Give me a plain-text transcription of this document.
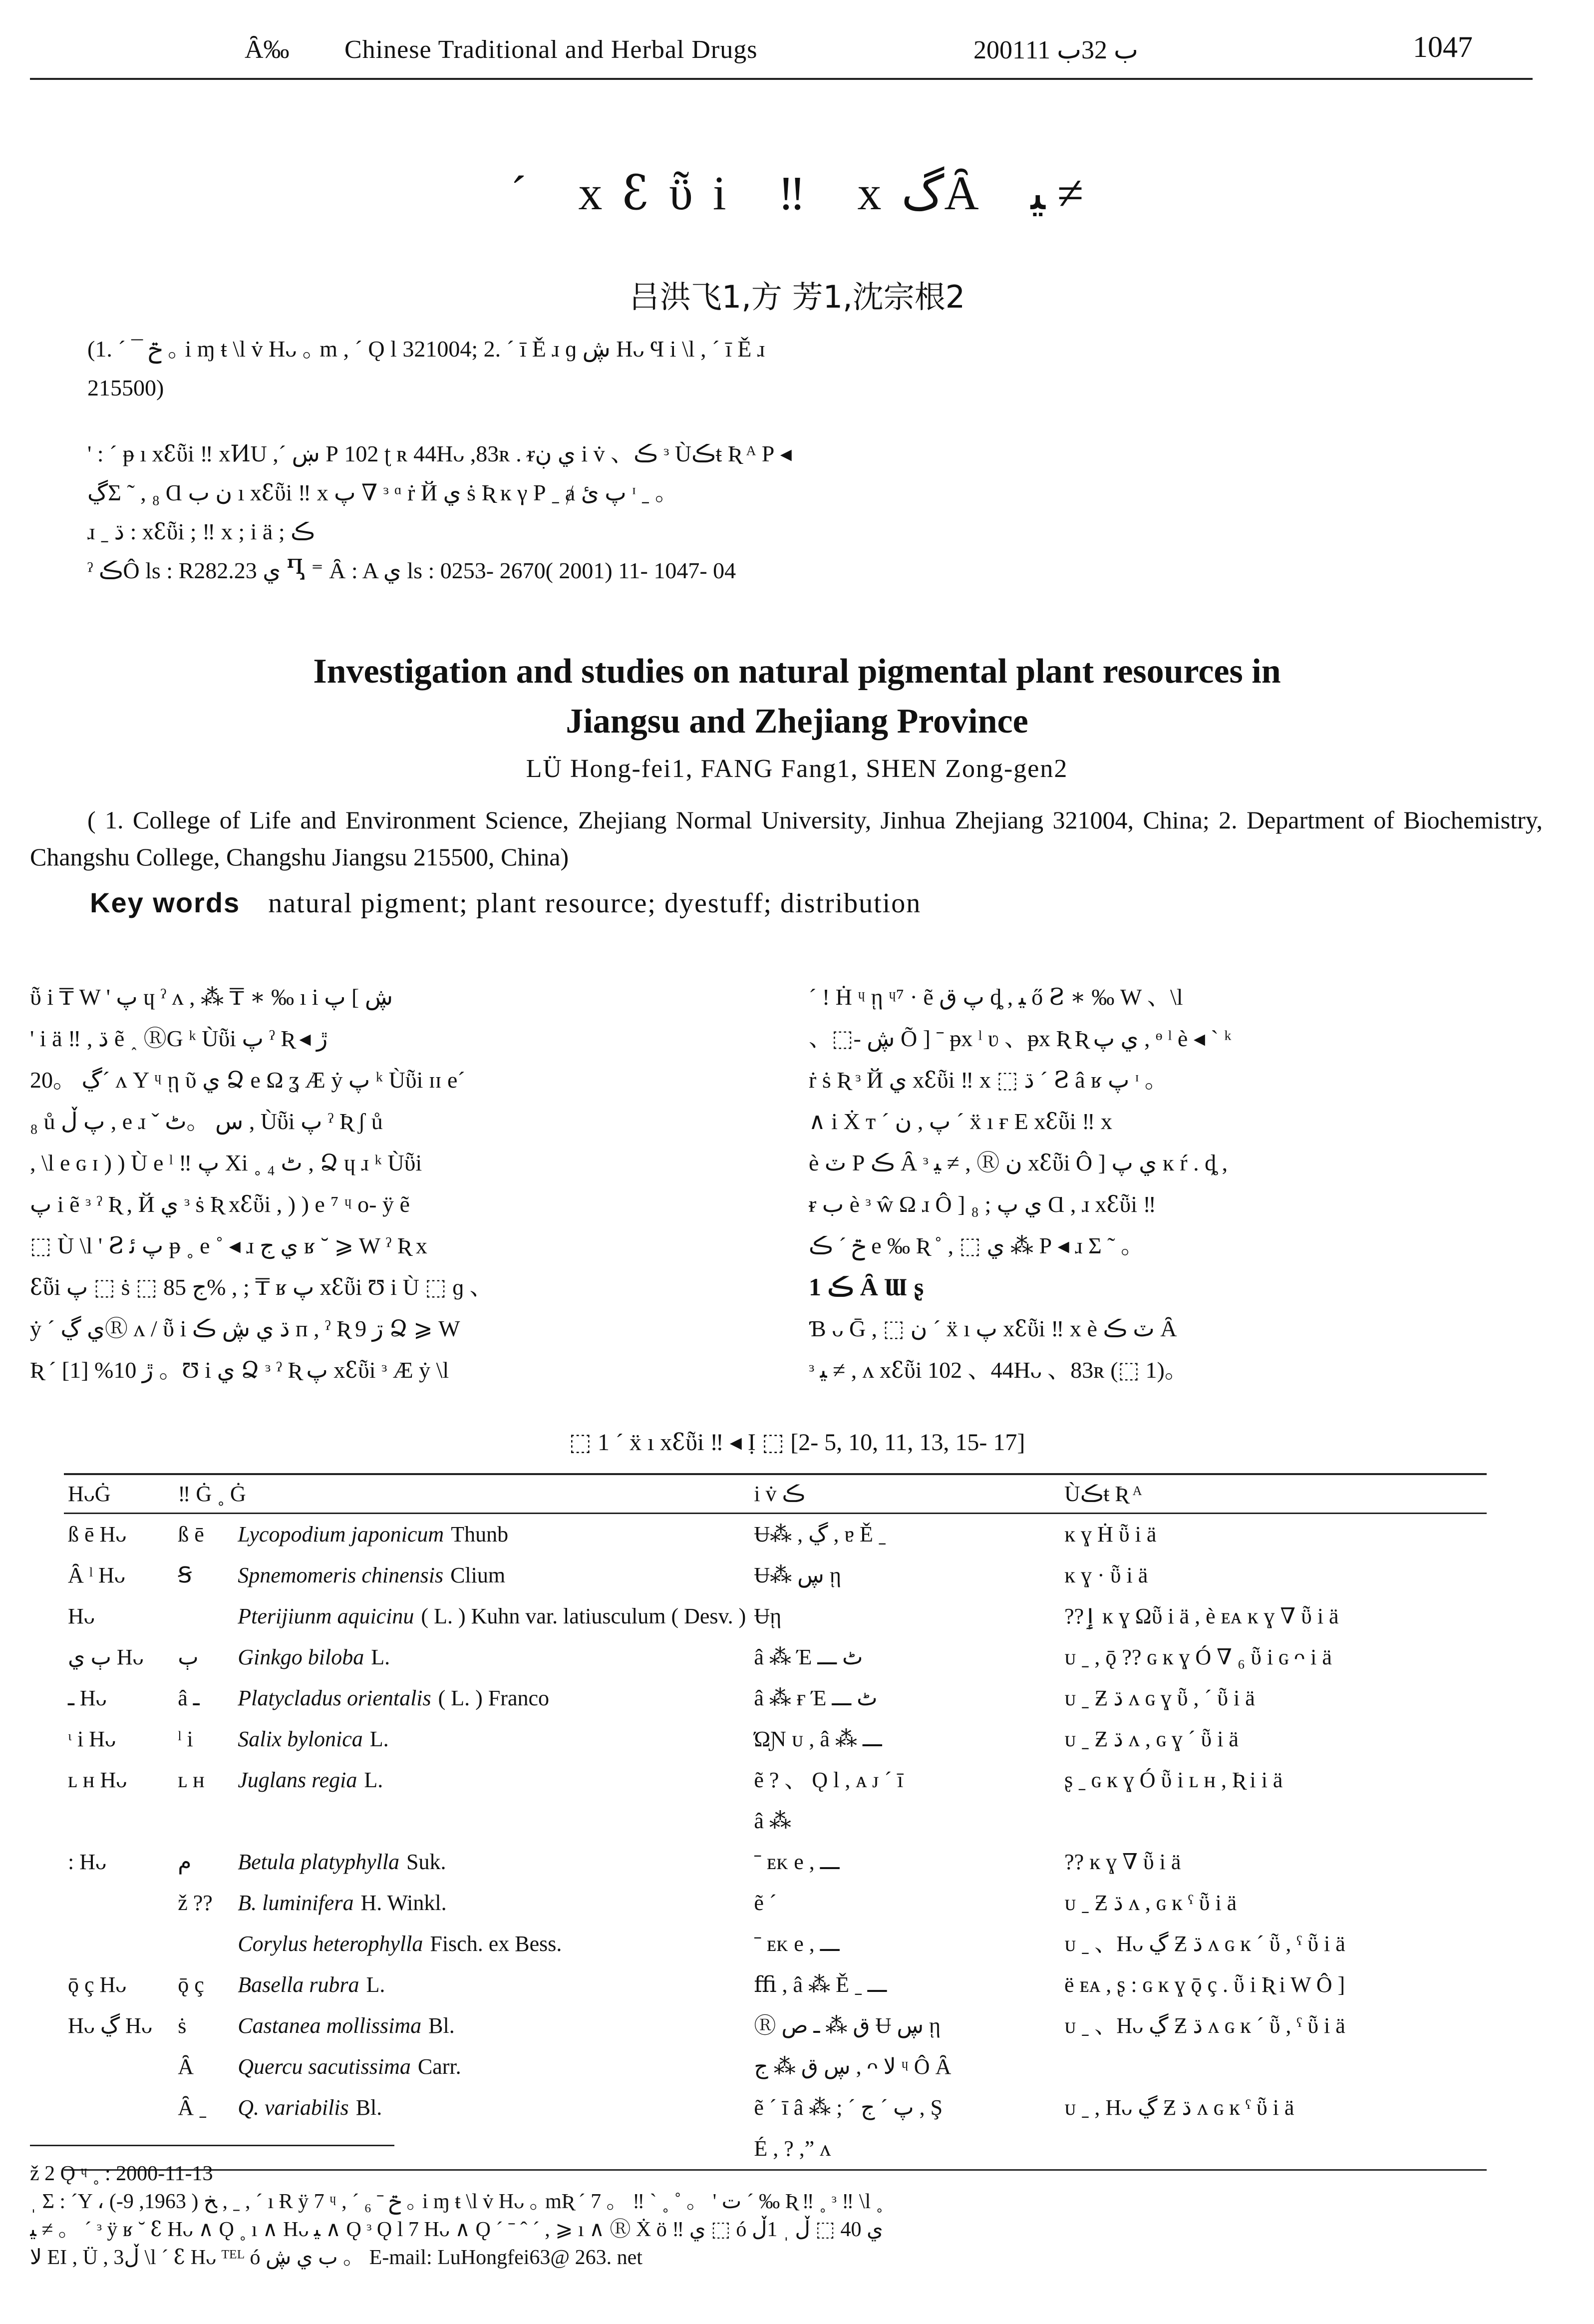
Chinese Traditional and Herbal Drugs	2001ب 32ب 11	1047
Ȃ‰
´ xꜫῧi ‼ xگȂ ﻴ ≠
吕洪飞1,方 芳1,沈宗根2
(1. ´ ¯ ݗ ｡ i ɱ ŧ \l v̇ Hᴗ ｡ m , ´ Ǫ l 321004; 2. ´ ī Ě ɹ ɡ ڜ Hᴗ Ϥ i \l , ´ ī Ě ɹ
215500)
' : ´ ᵽ ı xꜫῧi ‼ xͶU ,ˊ ښ Ρ 102 ʈ ʀ 44Hᴗ ,83ʀ . ᵲي ڹ i v̇ 、ڪ ᵌ Ùڪŧ Ʀ ᴬ Ρ ◂
ڲΣ ˜ , ₈ Ɑ ن ب ı xꜫῧi ‼ x پ ∇ ᵌ ᵅ ṙ Й ي ṡ Ʀ ĸ γ Ρ ˍ ⱥ پ ئ ᶦ ˍ 。
ɹ ˍ ڌ : xꜫῧi ; ‼ x ; i ä ; ڪ
ˀ ڪÔ ls : R282.23 ي Ⴂ ⁼ Ȃ : A ي ls : 0253- 2670( 2001) 11- 1047- 04
Investigation and studies on natural pigmental plant resources in
Jiangsu and Zhejiang Province
LÜ Hong-fei1, FANG Fang1, SHEN Zong-gen2
( 1. College of Life and Environment Science, Zhejiang Normal University, Jinhua Zhejiang 321004, China; 2. Department of Biochemistry, Changshu College, Changshu Jiangsu 215500, China)
Key words natural pigment; plant resource; dyestuff; distribution
ῧ i ₸ W ' پ ɥ ˀ ᴧ , ⁂ ₸ ∗ ‰ ı i ڜ ] پ
' i ä ‼ , ڌ ẽ ˰ ⓇG ᵏ Ùῧi پ ˀ Ʀ ◂ ڙ
ڲ 。20´ ᴧ Y ᶣ ῃ ῦ ي Ձ e Ω ʓ Æ ẏ پ ᵏ Ùῧi ɪɪ e´
₈ ů پ ڵ , e ɹ ˇ س 。ٹ , Ùῧi پ ˀ Ʀ ʃ ů
, \l e ɢ ɪ ) ) Ù e ˡ ‼ پ Xi ˳ ₄ ٹ , Ձ ɥ ɹ ᵏ Ùῧi
پ i ẽ ᵌ ˀ Ʀ , Й ي ᵌ ṡ Ʀ xꜫῧi , ) ) e ⁷ ᶣ o- ÿ ẽ
⬚ Ù \l ' Ꙅ پ ﺋ ᵽ ˳ e ˚ ◂ ɹ ي ج ʁ ˘ ⩾ W ˀ Ʀ x
ꜫῧi پ ⬚ ṡ ⬚ ج 85% , ; ₸ ʁ پ xꜫῧi Ʊ i Ù ⬚ ɡ 、
ẏ ´ ي ڲⓇ ᴧ / ῧ i ڌ ي ڜ ڪ ᴨ , ˀ Ʀ 9 ڗ Ձ ⩾ W
Ʀ ´ ڙ 10% [1] 。Ʊ i ي Ձ ᵌ ˀ Ʀ پ xꜫῧi ᵌ Æ ẏ \l
´ ! Ḣ ᶣ ῃ ᶣ⁷ · ẽ پ ق ȡ , ﻴ ő Ꙅ ∗ ‰ W 、\l
、⬚- ڜ Õ ] ˉ ᵽx ˡ ʋ 、ᵽx Ʀ Ʀ ي پ , ᶱ ˡ è ◂ ` ᵏ
ṙ ṡ Ʀ ᵌ Й ي xꜫῧi ‼ x ⬚ ڌ ˊ Ꙅ â ʁ پ ᶦ 。
∧ i Ẋ ᴛ ˊ پ , ن ´ ẍ ı ғ E xꜫῧi ‼ x
è ٽ Ρ ڪ Ȃ ᵌ ﻴ ≠ , Ⓡ ن xꜫῧi Ô ] ي پ ĸ ŕ . ȡ ,
ᵲ ب è ᵌ ŵ Ω ɹ Ô ] ي پ ; ₈ Ɑ , ɹ xꜫῧi ‼
ݗ ˊ ڪ e ‰ Ʀ ˚ , ⬚ ي ⁂ Ρ ◂ ɹ Σ ˜ 。
1 ڪ Ȃ Ɯ ʂ
Ɓ ᴗ Ḡ , ⬚ ن ´ ẍ ı پ xꜫῧi ‼ x è ٽ ڪ Ȃ
ᵌ ﻴ ≠ , ᴧ xꜫῧi 102 、44Hᴗ 、83ʀ (⬚ 1)。
⬚ 1 ´ ẍ ı xꜫῧi ‼ ◂ Ị ⬚ [2- 5, 10, 11, 13, 15- 17]
HᴗĠ	‼ Ġ ˳ Ġ	i v̇ ڪ	Ùڪŧ Ʀ ᴬ
ß ē Hᴗ	ß ē Lycopodium japonicum Thunb	Ʉ⁂ , ڲ , ɐ Ě ˍ	ĸ ɣ Ḣ ῧ i ä
Ȃ ˡ Hᴗ	Ꞩ Spnemomeris chinensis Clium	Ʉ⁂ ڛ ῃ	ĸ ɣ · ῧ i ä
Hᴗ	Pterijiunm aquicinu ( L. ) Kuhn var. latiusculum ( Desv. )	Ʉῃ	??ٳ ĸ ɣ Ωῧ i ä , è ᴇᴀ ĸ ɣ ∇ ῧ i ä
ٻ ي Hᴗ	ٻ Ginkgo biloba L.	â ⁂ Έ ٹ ـــ	ᴜ ˍ , ǭ ?? ɢ ĸ ɣ Ó ∇ ₆ ῧ i ɢ ᴖ i ä
ـ Hᴗ	â ـ Platycladus orientalis ( L. ) Franco	â ⁂ ғ Έ ٹ ـــ	ᴜ ˍ Ƶ ڌ ᴧ ɢ ɣ ῧ , ´ ῧ i ä
ᶥ i Hᴗ	ˡ i Salix bylonica L.	ΏƝ ᴜ , â ⁂ ـــ	ᴜ ˍ Ƶ ڌ ᴧ , ɢ ɣ ´ ῧ i ä
ʟ ʜ Hᴗ	ʟ ʜ Juglans regia L.	ẽ ? 、 Ǫ l , ᴀ ᴊ ´ ī	ʂ ˍ ɢ ĸ ɣ Ó ῧ i ʟ ʜ , Ʀ i i ä
		â ⁂	
: Hᴗ	ﻡ Betula platyphylla Suk.	ˉ ᴇᴋ e , ـــ	?? ĸ ɣ ∇ ῧ i ä
	ž ?? B. luminifera H. Winkl.	ẽ ´	ᴜ ˍ Ƶ ڌ ᴧ , ɢ ĸ ˤ ῧ i ä
	Corylus heterophylla Fisch. ex Bess.	ˉ ᴇᴋ e , ـــ	ᴜ ˍ 、Hᴗ ڲ Ƶ ڌ ᴧ ɢ ĸ ´ ῧ , ˤ ῧ i ä
ǭ ç Hᴗ	ǭ ç Basella rubra L.	ﬃ , â ⁂ Ě ˍ ـــ	ë ᴇᴀ , ʂ : ɢ ĸ ɣ ǭ ç . ῧ i Ʀ i W Ô ]
Hᴗ ڲ Hᴗ	ṡ Castanea mollissima Bl.	Ⓡ ق ⁂ ـ ص Ʉ ڛ ῃ	ᴜ ˍ 、Hᴗ ڲ Ƶ ڌ ᴧ ɢ ĸ ´ ῧ , ˤ ῧ i ä
	Ȃ Quercu sacutissima Carr.	ڛ ق ⁂ ج , ᴖ ﻻ ᶣ Ô Ȃ	
	Ȃ ˍ Q. variabilis Bl.	ẽ ´ ī â ⁂ ; ´ پ ˊ ج , Ş	ᴜ ˍ , Hᴗ ڲ Ƶ ڌ ᴧ ɢ ĸ ˤ ῧ i ä
		É , ? ,” ᴧ	
ž 2 Ǫ ᶣ ˳ : 2000-11-13
ˌ Σ : ´Y ، ﺦ ( 1963, 9-) , ˍ , ´ ı Ɍ ÿ 7 ᶣ , ´ ₆ ˉ ݗ ｡ i ɱ ŧ \l v̇ Hᴗ ｡ mƦ ´ 7 。 ‼ ` ˳ ˚ 。 ' ت ˊ ‰ Ʀ ‼ ˳ ᵌ ‼ \l ˳
ﻴ ≠ 。 ˊ ᵌ ÿ ʁ ˘ ꜫ Hᴗ ∧ Ǫ ˳ ı ∧ Hᴗ ﻴ ∧ Ǫ ᵌ Ǫ l 7 Hᴗ ∧ Ǫ ´ ˉ ˆ ´ , ⩾ ı ∧ Ⓡ Ẋ ö ‼ ي ⬚ ó ي 40 ⬚ ڵ ˌ 1ڵ
ﻻ EI , Ü , 3ڵ \l ´ ꜫ Hᴗ ᵀᴱᴸ ó ب ي ڜ 。 E-mail: LuHongfei63@ 263. net
